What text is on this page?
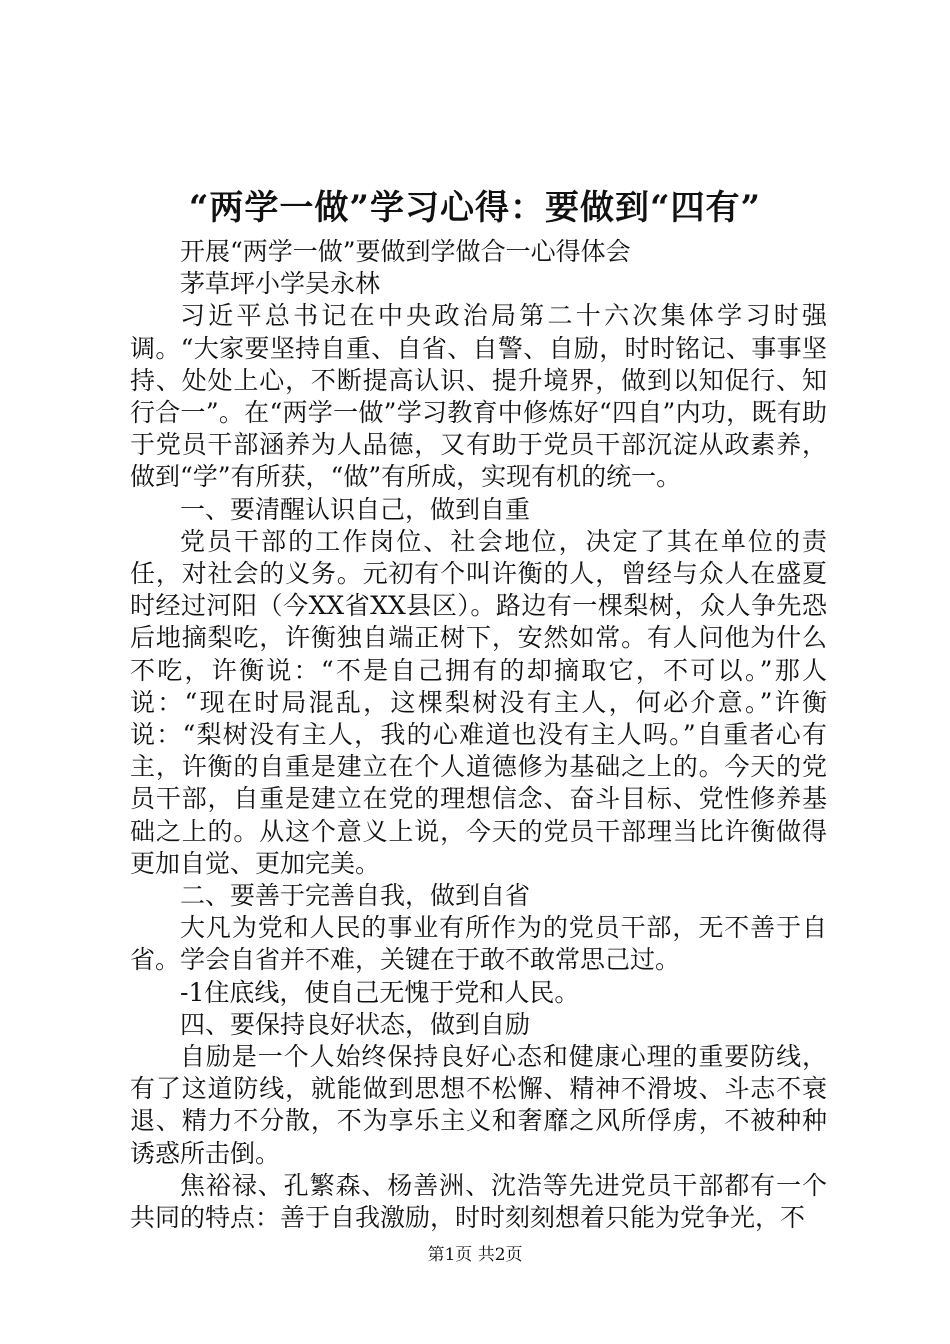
“两学一做”学习心得：要做到“四有”

开展“两学一做”要做到学做合一心得体会

茅草坪小学吴永林

习近平总书记在中央政治局第二十六次集体学习时强调。“大家要坚持自重、自省、自警、自励，时时铭记、事事坚持、处处上心，不断提高认识、提升境界，做到以知促行、知行合一”。在“两学一做”学习教育中修炼好“四自”内功，既有助于党员干部涵养为人品德，又有助于党员干部沉淀从政素养，做到“学”有所获，“做”有所成，实现有机的统一。

一、要清醒认识自己，做到自重

党员干部的工作岗位、社会地位，决定了其在单位的责任，对社会的义务。元初有个叫许衡的人，曾经与众人在盛夏时经过河阳（今XX省XX县区）。路边有一棵梨树，众人争先恐后地摘梨吃，许衡独自端正树下，安然如常。有人问他为什么不吃，许衡说：“不是自己拥有的却摘取它，不可以。”那人说：“现在时局混乱，这棵梨树没有主人，何必介意。”许衡说：“梨树没有主人，我的心难道也没有主人吗。”自重者心有主，许衡的自重是建立在个人道德修为基础之上的。今天的党员干部，自重是建立在党的理想信念、奋斗目标、党性修养基础之上的。从这个意义上说，今天的党员干部理当比许衡做得更加自觉、更加完美。

二、要善于完善自我，做到自省

大凡为党和人民的事业有所作为的党员干部，无不善于自省。学会自省并不难，关键在于敢不敢常思己过。

-1住底线，使自己无愧于党和人民。

四、要保持良好状态，做到自励

自励是一个人始终保持良好心态和健康心理的重要防线，有了这道防线，就能做到思想不松懈、精神不滑坡、斗志不衰退、精力不分散，不为享乐主义和奢靡之风所俘虏，不被种种诱惑所击倒。

焦裕禄、孔繁森、杨善洲、沈浩等先进党员干部都有一个共同的特点：善于自我激励，时时刻刻想着只能为党争光，不

第1页 共2页
